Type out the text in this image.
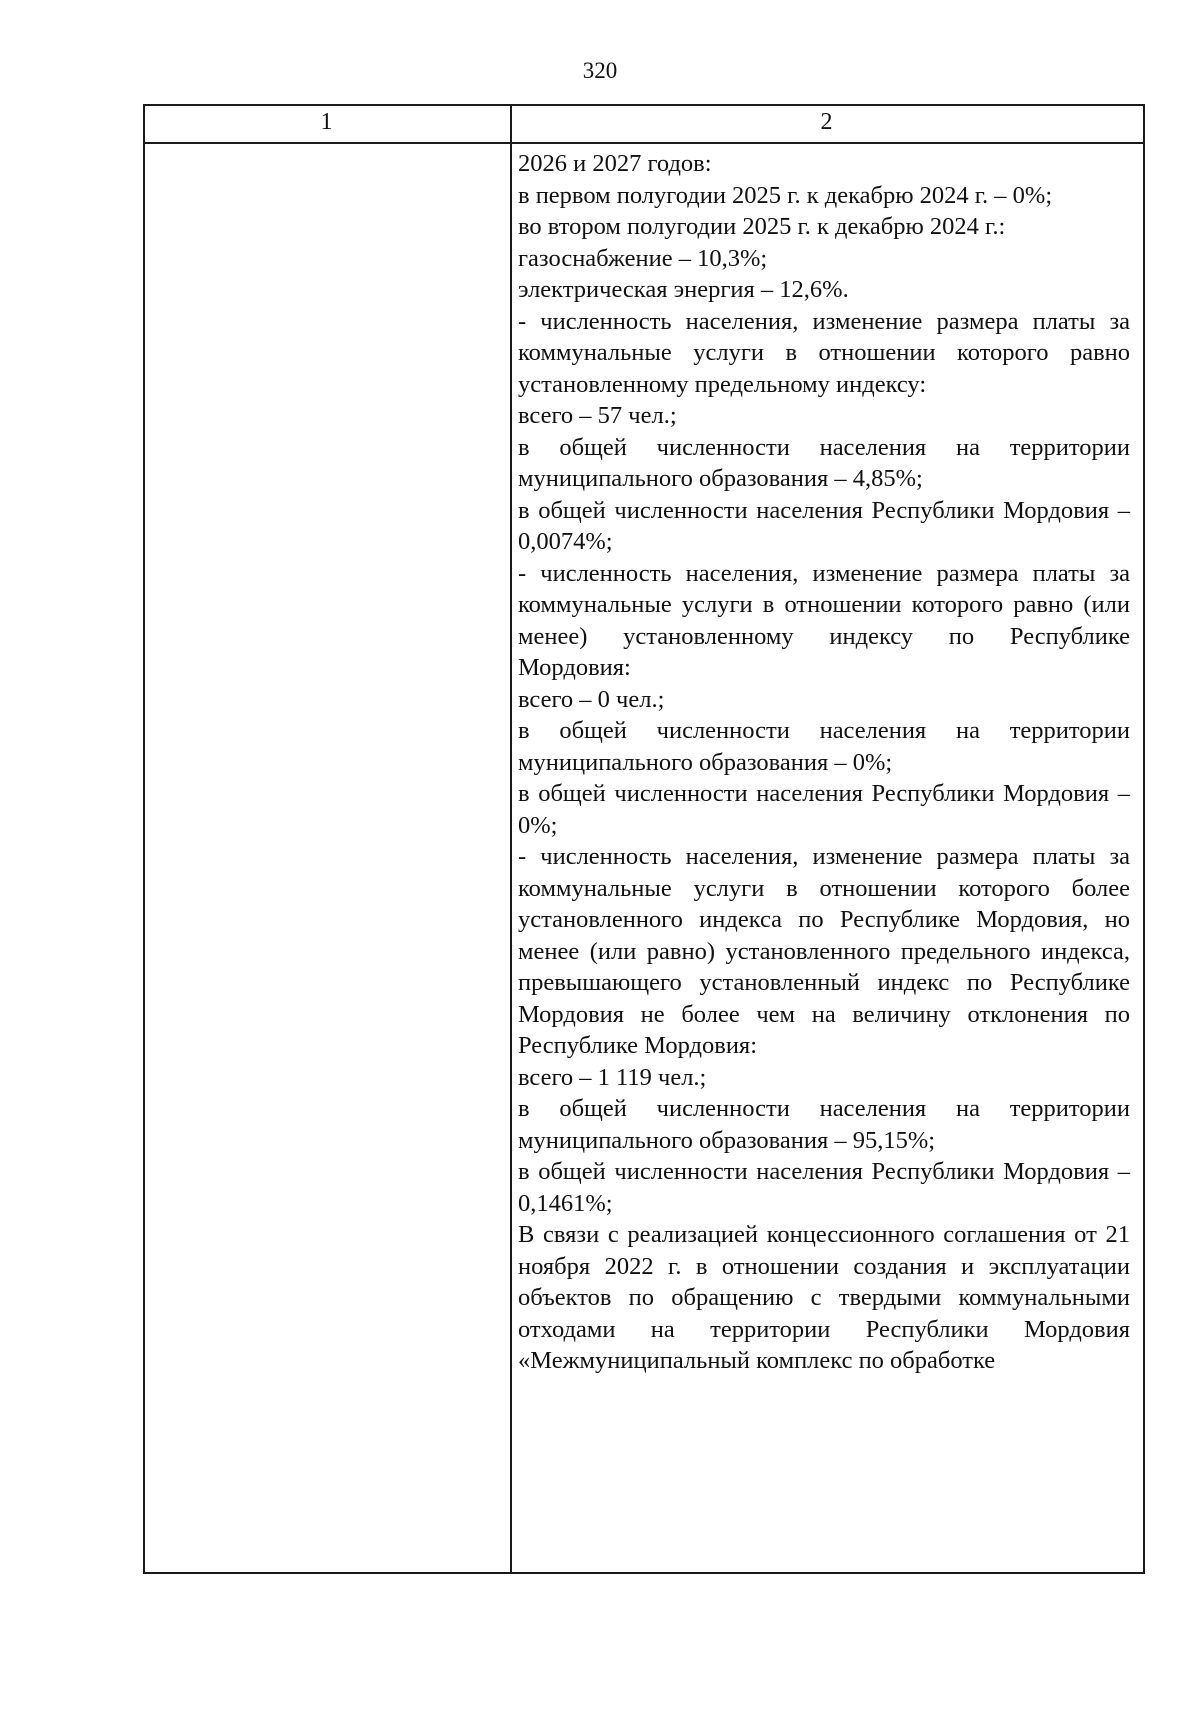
320
1	2

2026 и 2027 годов:

в первом полугодии 2025 г. к декабрю 2024 г. – 0%;

во втором полугодии 2025 г. к декабрю 2024 г.:

газоснабжение – 10,3%;

электрическая энергия – 12,6%.

- численность населения, изменение размера платы за коммунальные услуги в отношении которого равно установленному предельному индексу:

всего – 57 чел.;

в общей численности населения на территории муниципального образования – 4,85%;

в общей численности населения Республики Мордовия – 0,0074%;

- численность населения, изменение размера платы за коммунальные услуги в отношении которого равно (или менее) установленному индексу по Республике Мордовия:

всего – 0 чел.;

в общей численности населения на территории муниципального образования – 0%;

в общей численности населения Республики Мордовия – 0%;

- численность населения, изменение размера платы за коммунальные услуги в отношении которого более установленного индекса по Республике Мордовия, но менее (или равно) установленного предельного индекса, превышающего установленный индекс по Республике Мордовия не более чем на величину отклонения по Республике Мордовия:

всего – 1 119 чел.;

в общей численности населения на территории муниципального образования – 95,15%;

в общей численности населения Республики Мордовия – 0,1461%;

В связи с реализацией концессионного соглашения от 21 ноября 2022 г. в отношении создания и эксплуатации объектов по обращению с твердыми коммунальными отходами на территории Республики Мордовия «Межмуниципальный комплекс по обработке
